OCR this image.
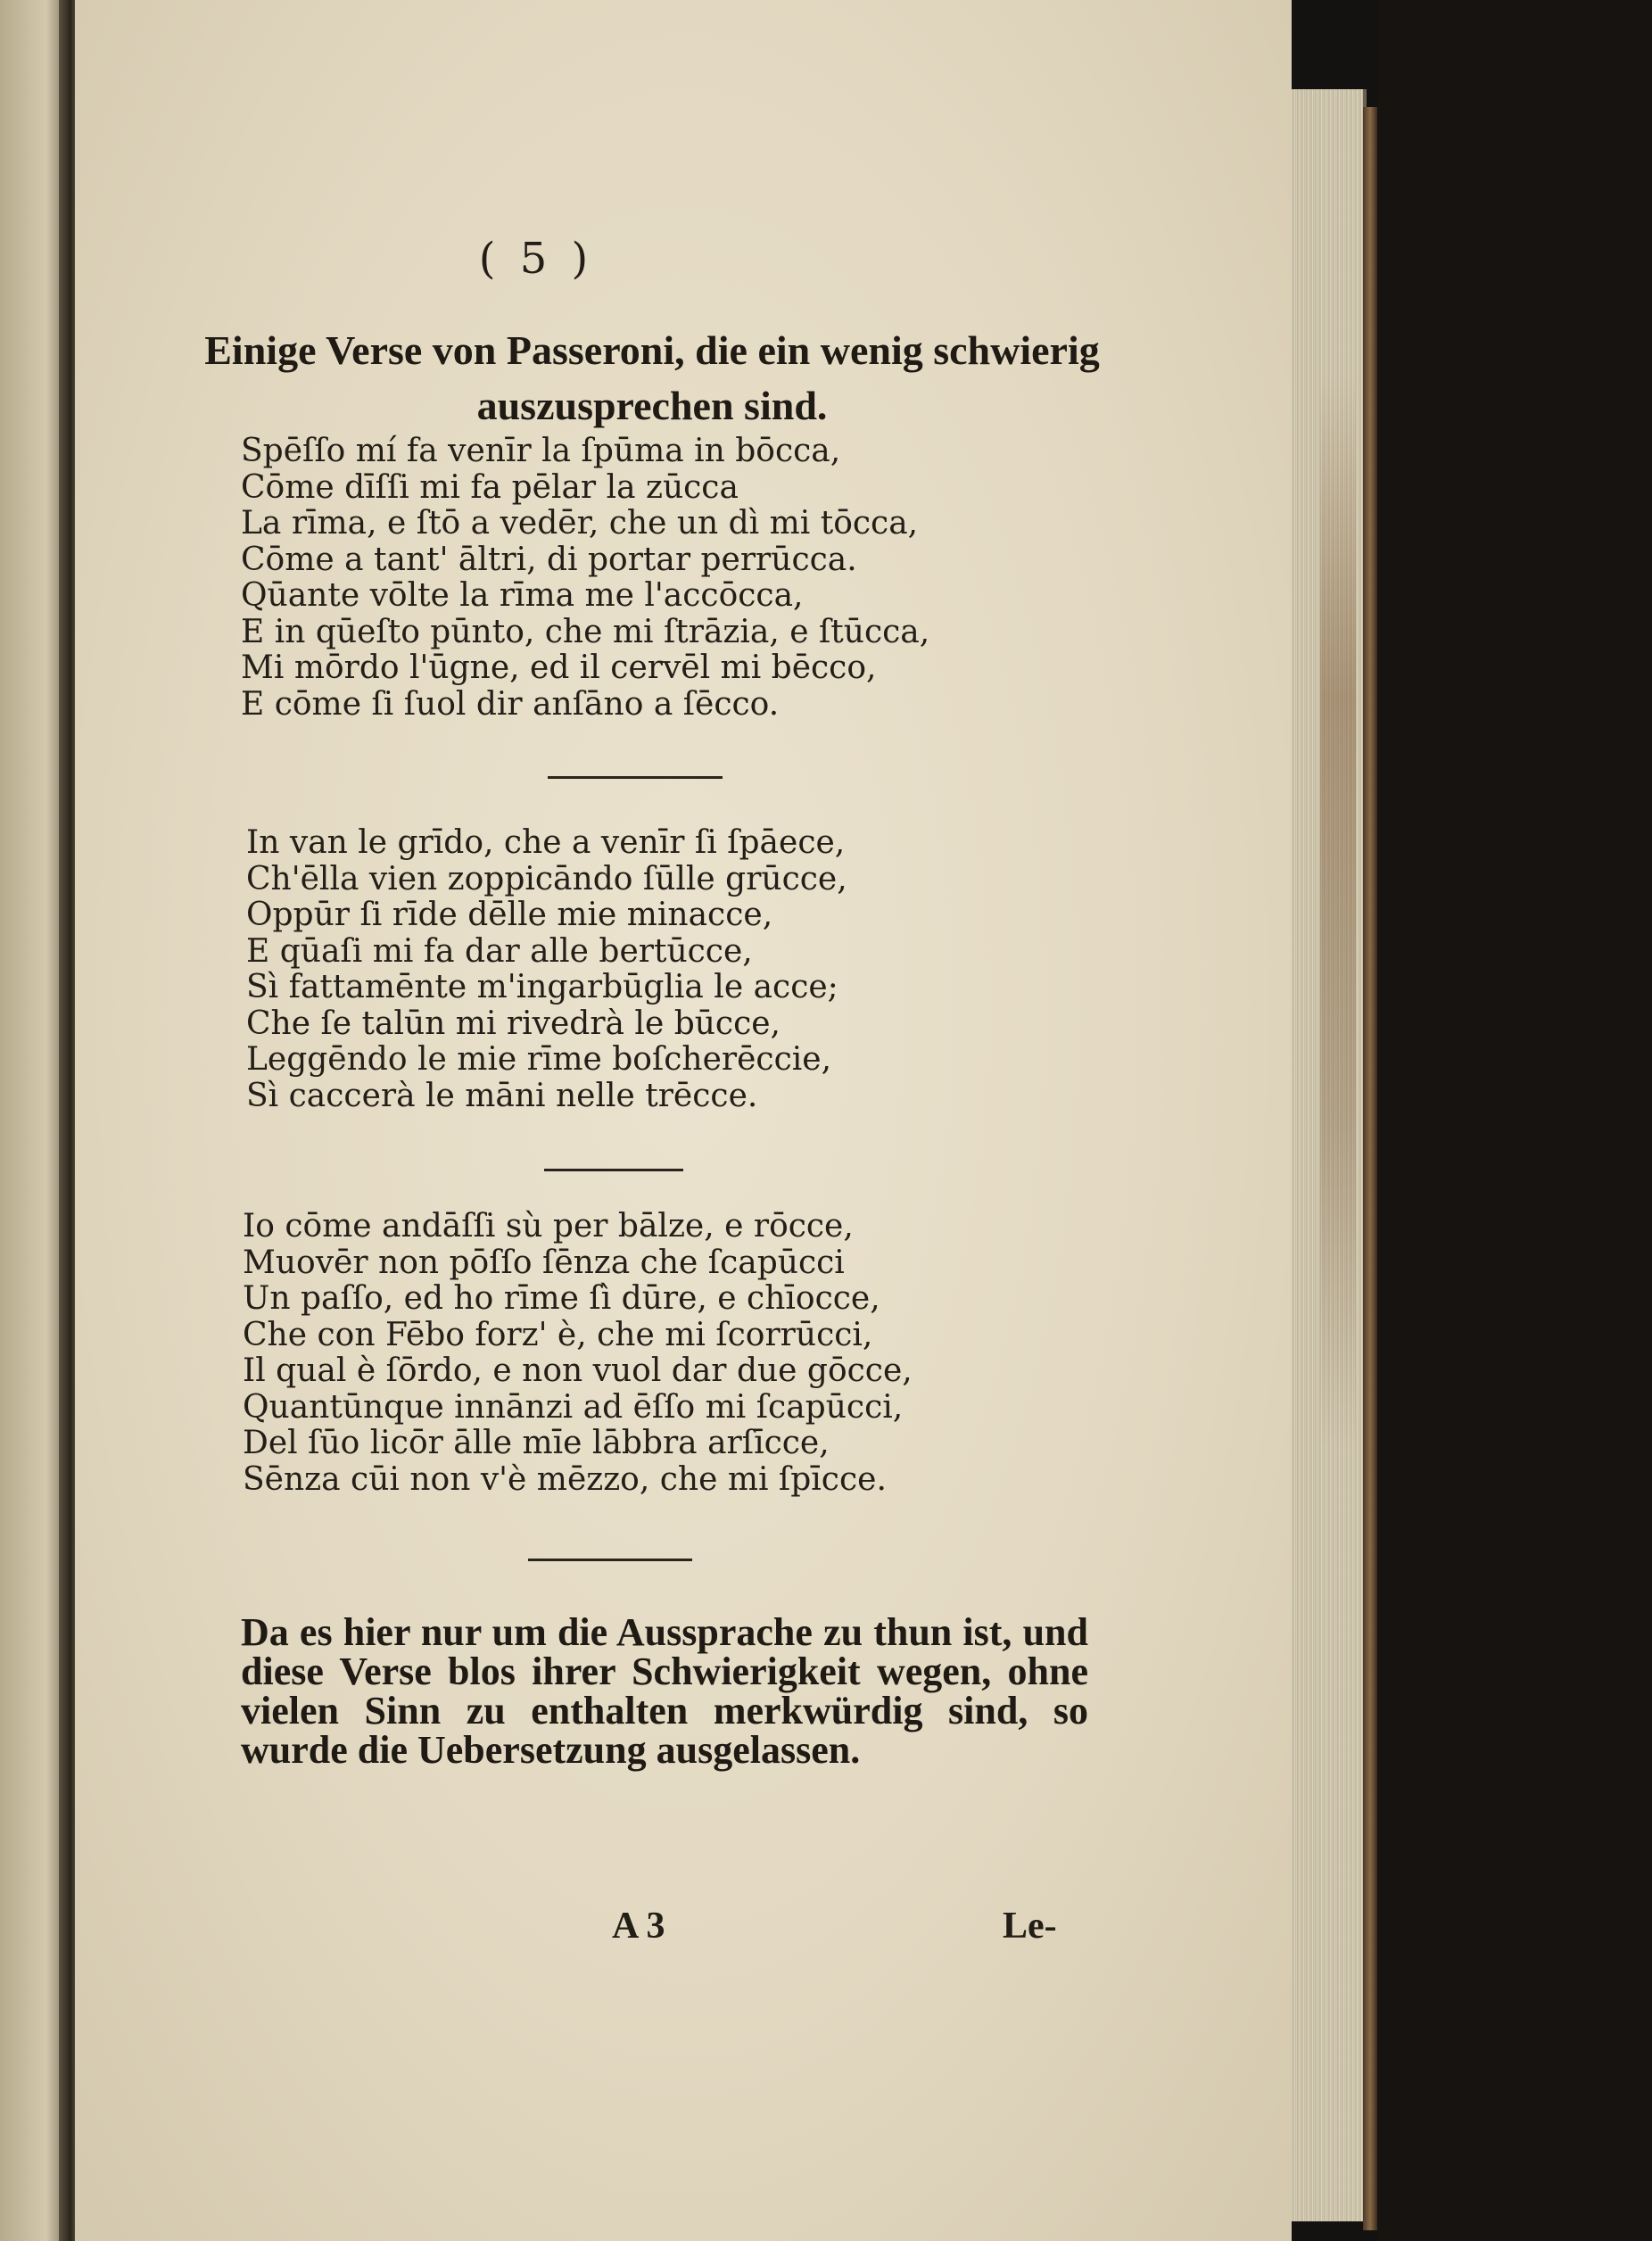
( 5 )
Einige Verse von Passeroni, die ein wenig schwierig
auszusprechen sind.
Spēſſo mí fa venīr la ſpūma in bōcca,
Cōme dīſſi mi fa pēlar la zūcca
La rīma, e ſtō a vedēr, che un dì mi tōcca,
Cōme a tant' āltri, di portar perrūcca.
Qūante vōlte la rīma me l'accōcca,
E in qūeſto pūnto, che mi ſtrāzia, e ſtūcca,
Mi mōrdo l'ūgne, ed il cervēl mi bēcco,
E cōme ſi ſuol dir anſāno a ſēcco.
In van le grīdo, che a venīr ſi ſpāece,
Ch'ēlla vien zoppicāndo ſūlle grūcce,
Oppūr ſi rīde dēlle mie minacce,
E qūaſi mi fa dar alle bertūcce,
Sì fattamēnte m'ingarbūglia le acce;
Che ſe talūn mi rivedrà le būcce,
Leggēndo le mie rīme boſcherēccie,
Sì caccerà le māni nelle trēcce.
Io cōme andāſſi sù per bālze, e rōcce,
Muovēr non pōſſo ſēnza che ſcapūcci
Un paſſo, ed ho rīme ſì dūre, e chīocce,
Che con Fēbo forz' è, che mi ſcorrūcci,
Il qual è ſōrdo, e non vuol dar due gōcce,
Quantūnque innānzi ad ēſſo mi ſcapūcci,
Del ſūo licōr ālle mīe lābbra arſīcce,
Sēnza cūi non v'è mēzzo, che mi ſpīcce.
Da es hier nur um die Aussprache zu thun ist, und diese Verse blos ihrer Schwierigkeit wegen, ohne vielen Sinn zu enthalten merkwürdig sind, so wurde die Uebersetzung ausgelassen.
A 3	Le-
